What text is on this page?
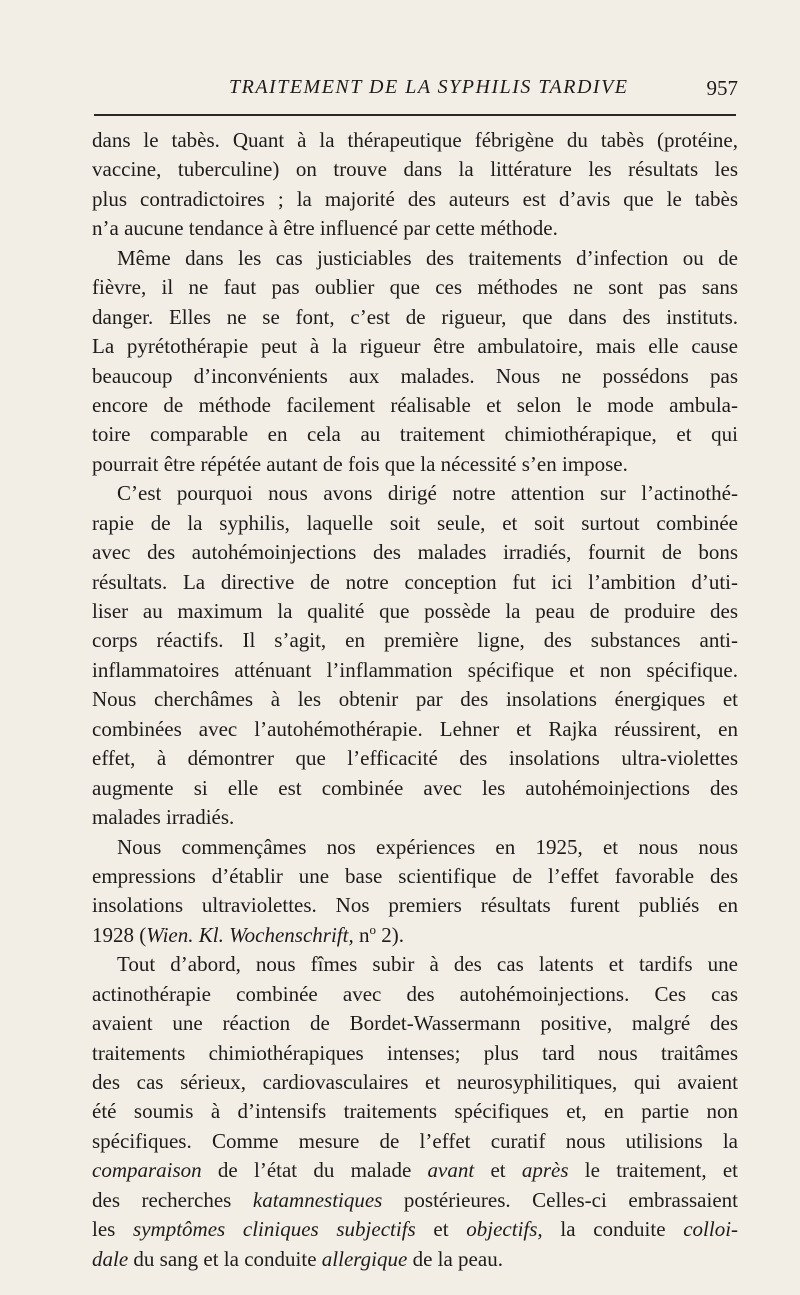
TRAITEMENT DE LA SYPHILIS TARDIVE	957
dans le tabès. Quant à la thérapeutique fébrigène du tabès (protéine,
vaccine, tuberculine) on trouve dans la littérature les résultats les
plus contradictoires ; la majorité des auteurs est d’avis que le tabès
n’a aucune tendance à être influencé par cette méthode.
Même dans les cas justiciables des traitements d’infection ou de
fièvre, il ne faut pas oublier que ces méthodes ne sont pas sans
danger. Elles ne se font, c’est de rigueur, que dans des instituts.
La pyrétothérapie peut à la rigueur être ambulatoire, mais elle cause
beaucoup d’inconvénients aux malades. Nous ne possédons pas
encore de méthode facilement réalisable et selon le mode ambula-
toire comparable en cela au traitement chimiothérapique, et qui
pourrait être répétée autant de fois que la nécessité s’en impose.
C’est pourquoi nous avons dirigé notre attention sur l’actinothé-
rapie de la syphilis, laquelle soit seule, et soit surtout combinée
avec des autohémoinjections des malades irradiés, fournit de bons
résultats. La directive de notre conception fut ici l’ambition d’uti-
liser au maximum la qualité que possède la peau de produire des
corps réactifs. Il s’agit, en première ligne, des substances anti-
inflammatoires atténuant l’inflammation spécifique et non spécifique.
Nous cherchâmes à les obtenir par des insolations énergiques et
combinées avec l’autohémothérapie. Lehner et Rajka réussirent, en
effet, à démontrer que l’efficacité des insolations ultra-violettes
augmente si elle est combinée avec les autohémoinjections des
malades irradiés.
Nous commençâmes nos expériences en 1925, et nous nous
empressions d’établir une base scientifique de l’effet favorable des
insolations ultraviolettes. Nos premiers résultats furent publiés en
1928 (Wien. Kl. Wochenschrift, $n^o$ 2).
Tout d’abord, nous fîmes subir à des cas latents et tardifs une
actinothérapie combinée avec des autohémoinjections. Ces cas
avaient une réaction de Bordet-Wassermann positive, malgré des
traitements chimiothérapiques intenses; plus tard nous traitâmes
des cas sérieux, cardiovasculaires et neurosyphilitiques, qui avaient
été soumis à d’intensifs traitements spécifiques et, en partie non
spécifiques. Comme mesure de l’effet curatif nous utilisions la
comparaison de l’état du malade avant et après le traitement, et
des recherches katamnestiques postérieures. Celles-ci embrassaient
les symptômes cliniques subjectifs et objectifs, la conduite colloi-
dale du sang et la conduite allergique de la peau.
